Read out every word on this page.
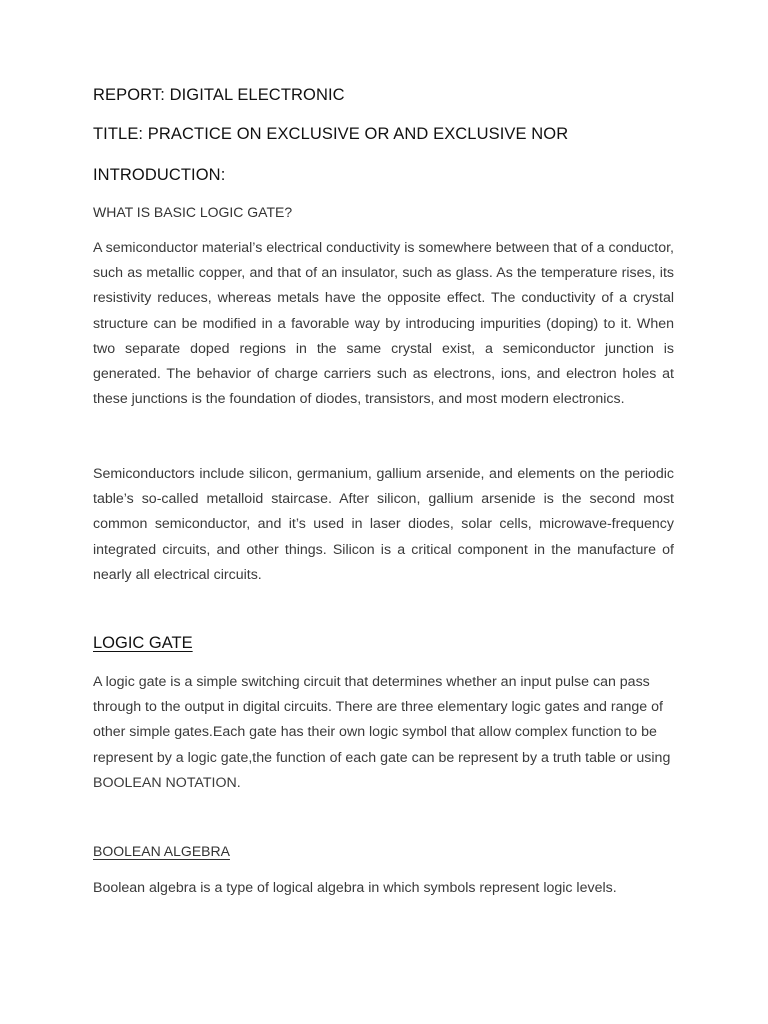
REPORT: DIGITAL ELECTRONIC
TITLE: PRACTICE ON EXCLUSIVE OR AND EXCLUSIVE NOR
INTRODUCTION:
WHAT IS BASIC LOGIC GATE?

A semiconductor material’s electrical conductivity is somewhere between that of a conductor, such as metallic copper, and that of an insulator, such as glass. As the temperature rises, its resistivity reduces, whereas metals have the opposite effect. The conductivity of a crystal structure can be modified in a favorable way by introducing impurities (doping) to it. When two separate doped regions in the same crystal exist, a semiconductor junction is generated. The behavior of charge carriers such as electrons, ions, and electron holes at these junctions is the foundation of diodes, transistors, and most modern electronics.

Semiconductors include silicon, germanium, gallium arsenide, and elements on the periodic table’s so-called metalloid staircase. After silicon, gallium arsenide is the second most common semiconductor, and it’s used in laser diodes, solar cells, microwave-frequency integrated circuits, and other things. Silicon is a critical component in the manufacture of nearly all electrical circuits.

LOGIC GATE

A logic gate is a simple switching circuit that determines whether an input pulse can pass through to the output in digital circuits. There are three elementary logic gates and range of other simple gates.Each gate has their own logic symbol that allow complex function to be represent by a logic gate,the function of each gate can be represent by a truth table or using BOOLEAN NOTATION.

BOOLEAN ALGEBRA

Boolean algebra is a type of logical algebra in which symbols represent logic levels.
